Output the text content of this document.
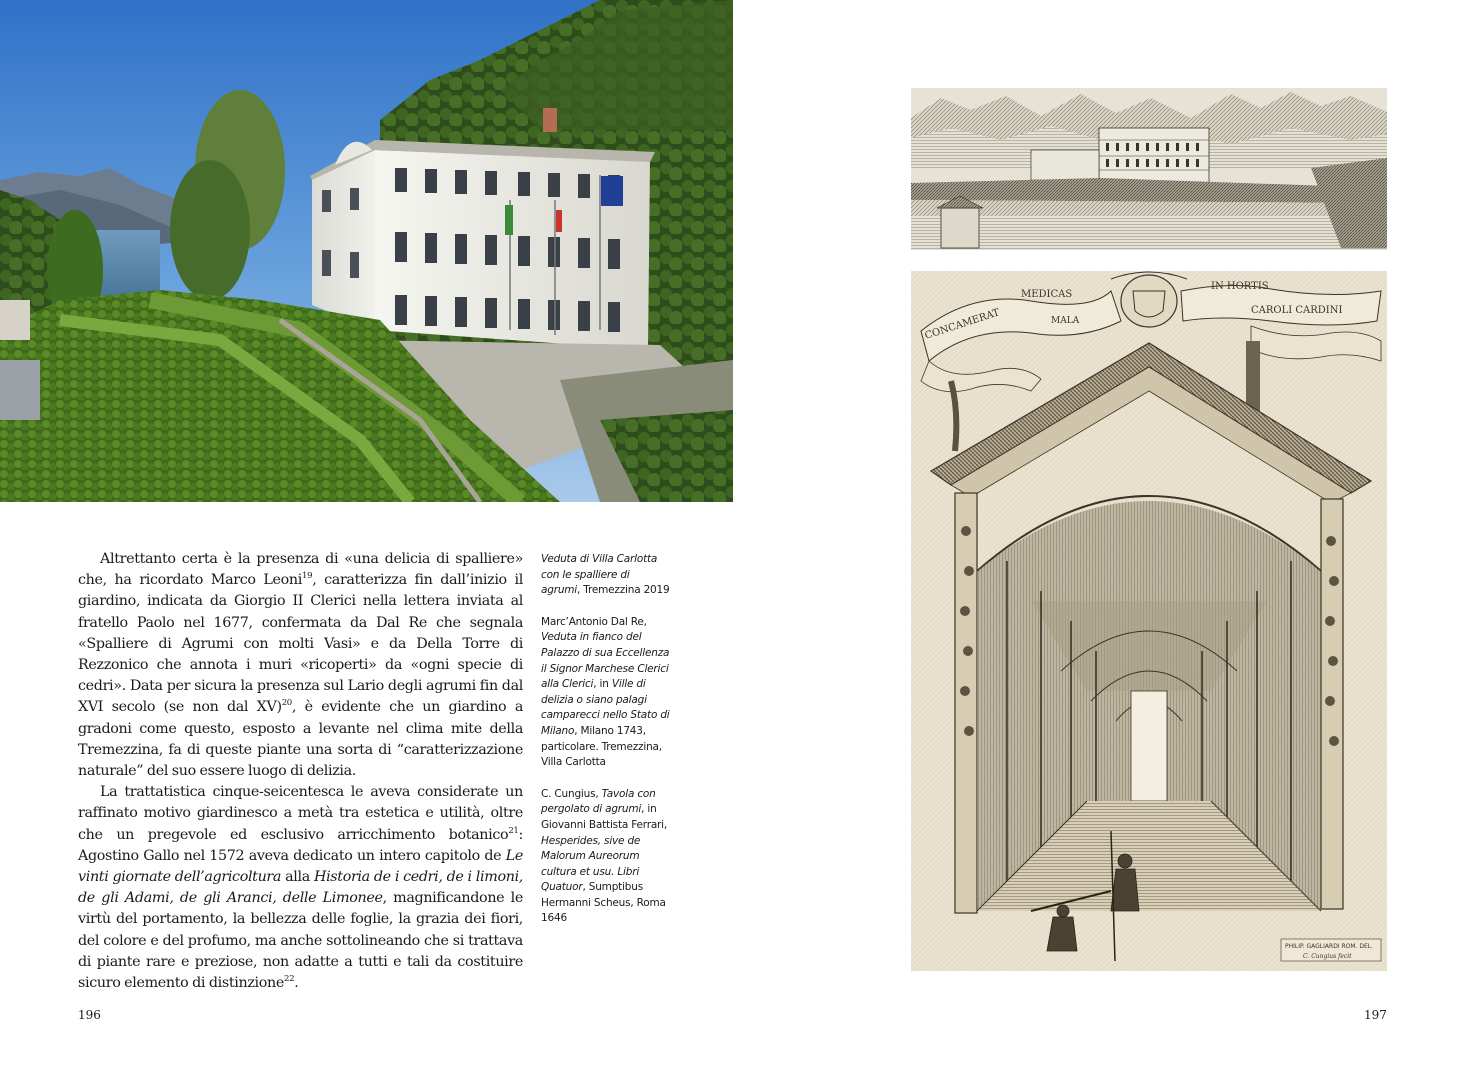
CONCAMERAT
MEDICAS
MALA
IN HORTIS
CAROLI CARDINI
PHILIP. GAGLIARDI ROM. DEL.
C. Cungius fecit

Altrettanto certa è la presenza di «una delicia di spalliere» che, ha ricordato Marco Leoni$^{19}$, caratterizza fin dall’inizio il giardino, indicata da Giorgio II Clerici nella lettera inviata al fratello Paolo nel 1677, confermata da Dal Re che segnala «Spalliere di Agrumi con molti Vasi» e da Della Torre di Rezzonico che annota i muri «ricoperti» da «ogni specie di cedri». Data per sicura la presenza sul Lario degli agrumi fin dal XVI secolo (se non dal XV)$^{20}$, è evidente che un giardino a gradoni come questo, esposto a levante nel clima mite della Tremezzina, fa di queste piante una sorta di “caratterizzazione naturale” del suo essere luogo di delizia.

La trattatistica cinque-seicentesca le aveva considerate un raffinato motivo giardinesco a metà tra estetica e utilità, oltre che un pregevole ed esclusivo arricchimento botanico$^{21}$: Agostino Gallo nel 1572 aveva dedicato un intero capitolo de Le vinti giornate dell’agricoltura alla Historia de i cedri, de i limoni, de gli Adami, de gli Aranci, delle Limonee, magnificandone le virtù del portamento, la bellezza delle foglie, la grazia dei fiori, del colore e del profumo, ma anche sottolineando che si trattava di piante rare e preziose, non adatte a tutti e tali da costituire sicuro elemento di distinzione$^{22}$.

Veduta di Villa Carlotta con le spalliere di agrumi, Tremezzina 2019

Marc’Antonio Dal Re, Veduta in fianco del Palazzo di sua Eccellenza il Signor Marchese Clerici alla Clerici, in Ville di delizia o siano palagi camparecci nello Stato di Milano, Milano 1743, particolare. Tremezzina, Villa Carlotta

C. Cungius, Tavola con pergolato di agrumi, in Giovanni Battista Ferrari, Hesperides, sive de Malorum Aureorum cultura et usu. Libri Quatuor, Sumptibus Hermanni Scheus, Roma 1646

196	197
